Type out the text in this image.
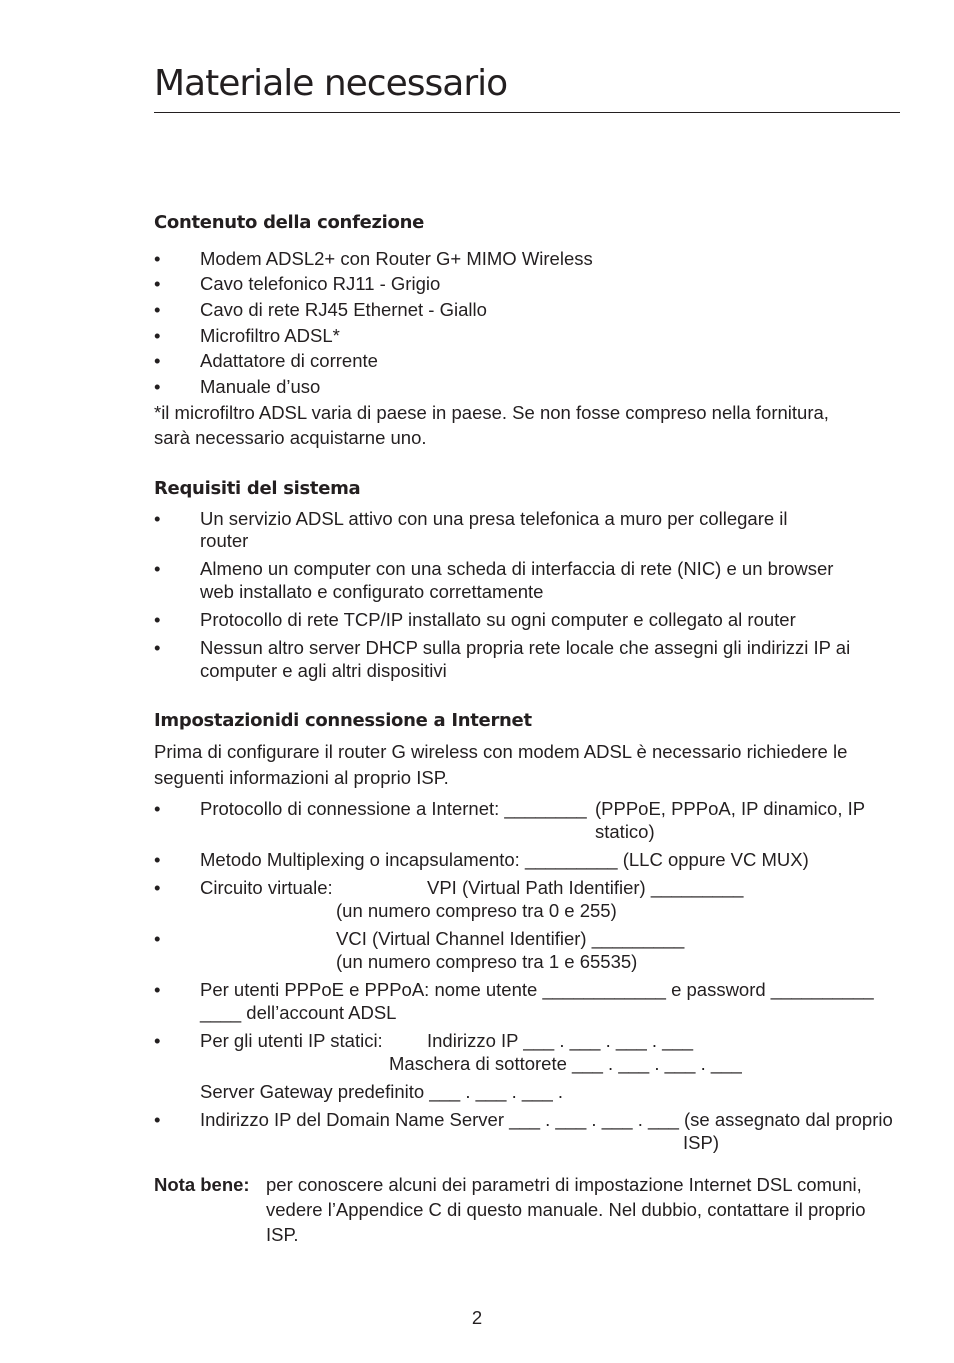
Materiale necessario
Contenuto della confezione
• Modem ADSL2+ con Router G+ MIMO Wireless
• Cavo telefonico RJ11 - Grigio
• Cavo di rete RJ45 Ethernet - Giallo
• Microfiltro ADSL*
• Adattatore di corrente
• Manuale d’uso
*il microfiltro ADSL varia di paese in paese. Se non fosse compreso nella fornitura,
sarà necessario acquistarne uno.
Requisiti del sistema
• Un servizio ADSL attivo con una presa telefonica a muro per collegare il
router
• Almeno un computer con una scheda di interfaccia di rete (NIC) e un browser
web installato e configurato correttamente
• Protocollo di rete TCP/IP installato su ogni computer e collegato al router
• Nessun altro server DHCP sulla propria rete locale che assegni gli indirizzi IP ai
computer e agli altri dispositivi
Impostazionidi connessione a Internet
Prima di configurare il router G wireless con modem ADSL è necessario richiedere le
seguenti informazioni al proprio ISP.
• Protocollo di connessione a Internet: ________ (PPPoE, PPPoA, IP dinamico, IP
statico)
• Metodo Multiplexing o incapsulamento: _________ (LLC oppure VC MUX)
• Circuito virtuale:	VPI (Virtual Path Identifier) _________
(un numero compreso tra 0 e 255)
•	VCI (Virtual Channel Identifier) _________
(un numero compreso tra 1 e 65535)
• Per utenti PPPoE e PPPoA: nome utente ____________ e password __________
____ dell’account ADSL
• Per gli utenti IP statici: Indirizzo IP ___ . ___ . ___ . ___
Maschera di sottorete ___ . ___ . ___ . ___
Server Gateway predefinito ___ . ___ . ___ .
• Indirizzo IP del Domain Name Server ___ . ___ . ___ . ___ (se assegnato dal proprio
ISP)
Nota bene: per conoscere alcuni dei parametri di impostazione Internet DSL comuni,
vedere l’Appendice C di questo manuale. Nel dubbio, contattare il proprio
ISP.
2
